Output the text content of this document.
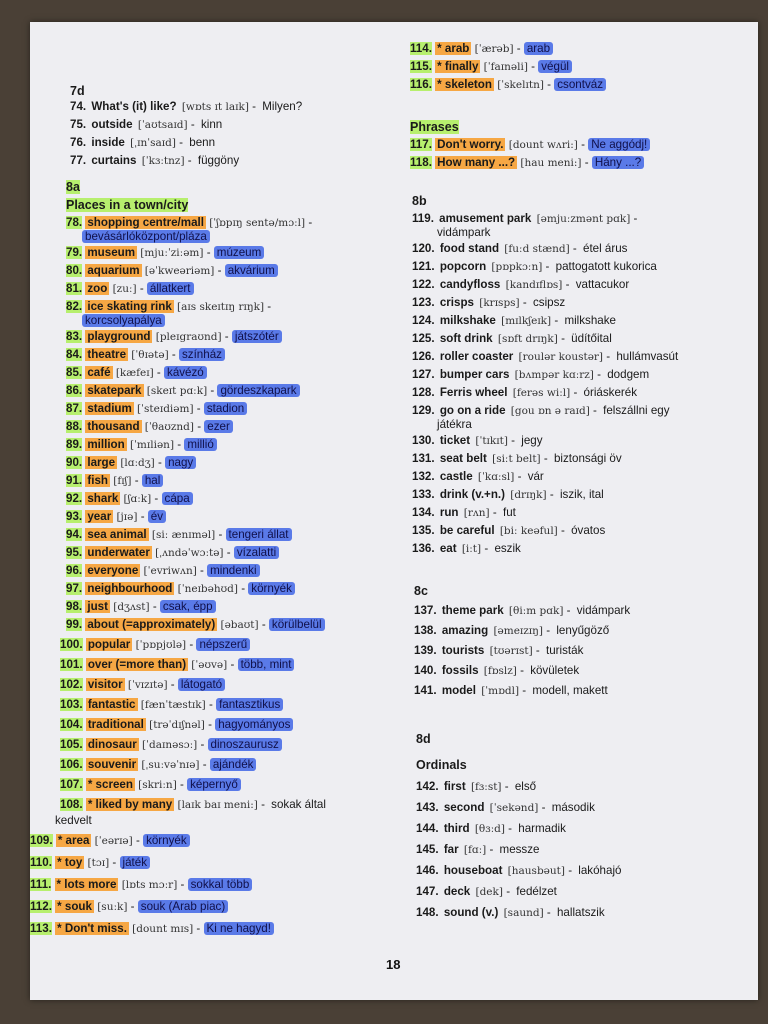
7d
74. What's (it) like? [wɒts ɪt laɪk] - Milyen?
75. outside [ˈaʊtsaɪd] - kinn
76. inside [ˌɪnˈsaɪd] - benn
77. curtains [ˈkɜːtnz] - függöny
8a
Places in a town/city
78. shopping centre/mall [ˈʃɒpɪŋ sentə/mɔːl] -
bevásárlóközpont/pláza
79. museum [mjuːˈziːəm] - múzeum
80. aquarium [əˈkweəriəm] - akvárium
81. zoo [zuː] - állatkert
82. ice skating rink [aɪs skeɪtɪŋ rɪŋk] -
korcsolyapálya
83. playground [pleɪgraʊnd] - játszótér
84. theatre [ˈθɪətə] - színház
85. café [kæfeɪ] - kávézó
86. skatepark [skeɪt pɑːk] - gördeszkapark
87. stadium [ˈsteɪdiəm] - stadion
88. thousand [ˈθaʊznd] - ezer
89. million [ˈmɪliən] - millió
90. large [lɑːdʒ] - nagy
91. fish [fɪʃ] - hal
92. shark [ʃɑːk] - cápa
93. year [jɪə] - év
94. sea animal [siː ænɪməl] - tengeri állat
95. underwater [ˌʌndəˈwɔːtə] - vízalatti
96. everyone [ˈevriwʌn] - mindenki
97. neighbourhood [ˈneɪbəhʊd] - környék
98. just [dʒʌst] - csak, épp
99. about (=approximately) [əbaʊt] - körülbelül
100. popular [ˈpɒpjʊlə] - népszerű
101. over (=more than) [ˈəʊvə] - több, mint
102. visitor [ˈvɪzɪtə] - látogató
103. fantastic [fænˈtæstɪk] - fantasztikus
104. traditional [trəˈdɪʃnəl] - hagyományos
105. dinosaur [ˈdaɪnəsɔː] - dinoszaurusz
106. souvenir [ˌsuːvəˈnɪə] - ajándék
107. * screen [skriːn] - képernyő
108. * liked by many [laɪk baɪ meni:] - sokak által
kedvelt
109. * area [ˈeərɪə] - környék
110. * toy [tɔɪ] - játék
111. * lots more [lɒts mɔːr] - sokkal több
112. * souk [suːk] - souk (Arab piac)
113. * Don't miss. [dount mɪs] - Ki ne hagyd!
114. * arab [ˈærəb] - arab
115. * finally [ˈfaɪnəli] - végül
116. * skeleton [ˈskelɪtn] - csontváz
Phrases
117. Don't worry. [dount wʌri:] - Ne aggódj!
118. How many ...? [hau meni:] - Hány ...?
8b
119. amusement park [əmjuːzmənt pɑk] -
vidámpark
120. food stand [fuːd stænd] - étel árus
121. popcorn [pɒpkɔːn] - pattogatott kukorica
122. candyfloss [kandɪflɒs] - vattacukor
123. crisps [krɪsps] - csipsz
124. milkshake [mɪlkʃeɪk] - milkshake
125. soft drink [sɒft drɪŋk] - üdítőital
126. roller coaster [roulər koustər] - hullámvasút
127. bumper cars [bʌmpər kɑːrz] - dodgem
128. Ferris wheel [ferəs wiːl] - óriáskerék
129. go on a ride [gou ɒn ə raɪd] - felszállni egy
játékra
130. ticket [ˈtɪkɪt] - jegy
131. seat belt [siːt belt] - biztonsági öv
132. castle [ˈkɑːsl] - vár
133. drink (v.+n.) [drɪŋk] - iszik, ital
134. run [rʌn] - fut
135. be careful [biː keəful] - óvatos
136. eat [iːt] - eszik
8c
137. theme park [θiːm pɑk] - vidámpark
138. amazing [əmeɪzɪŋ] - lenyűgöző
139. tourists [tʊərɪst] - turisták
140. fossils [fɒslz] - kövületek
141. model [ˈmɒdl] - modell, makett
8d
Ordinals
142. first [fɜːst] - első
143. second [ˈsekənd] - második
144. third [θɜːd] - harmadik
145. far [fɑː] - messze
146. houseboat [hausbəut] - lakóhajó
147. deck [dek] - fedélzet
148. sound (v.) [saund] - hallatszik
18
